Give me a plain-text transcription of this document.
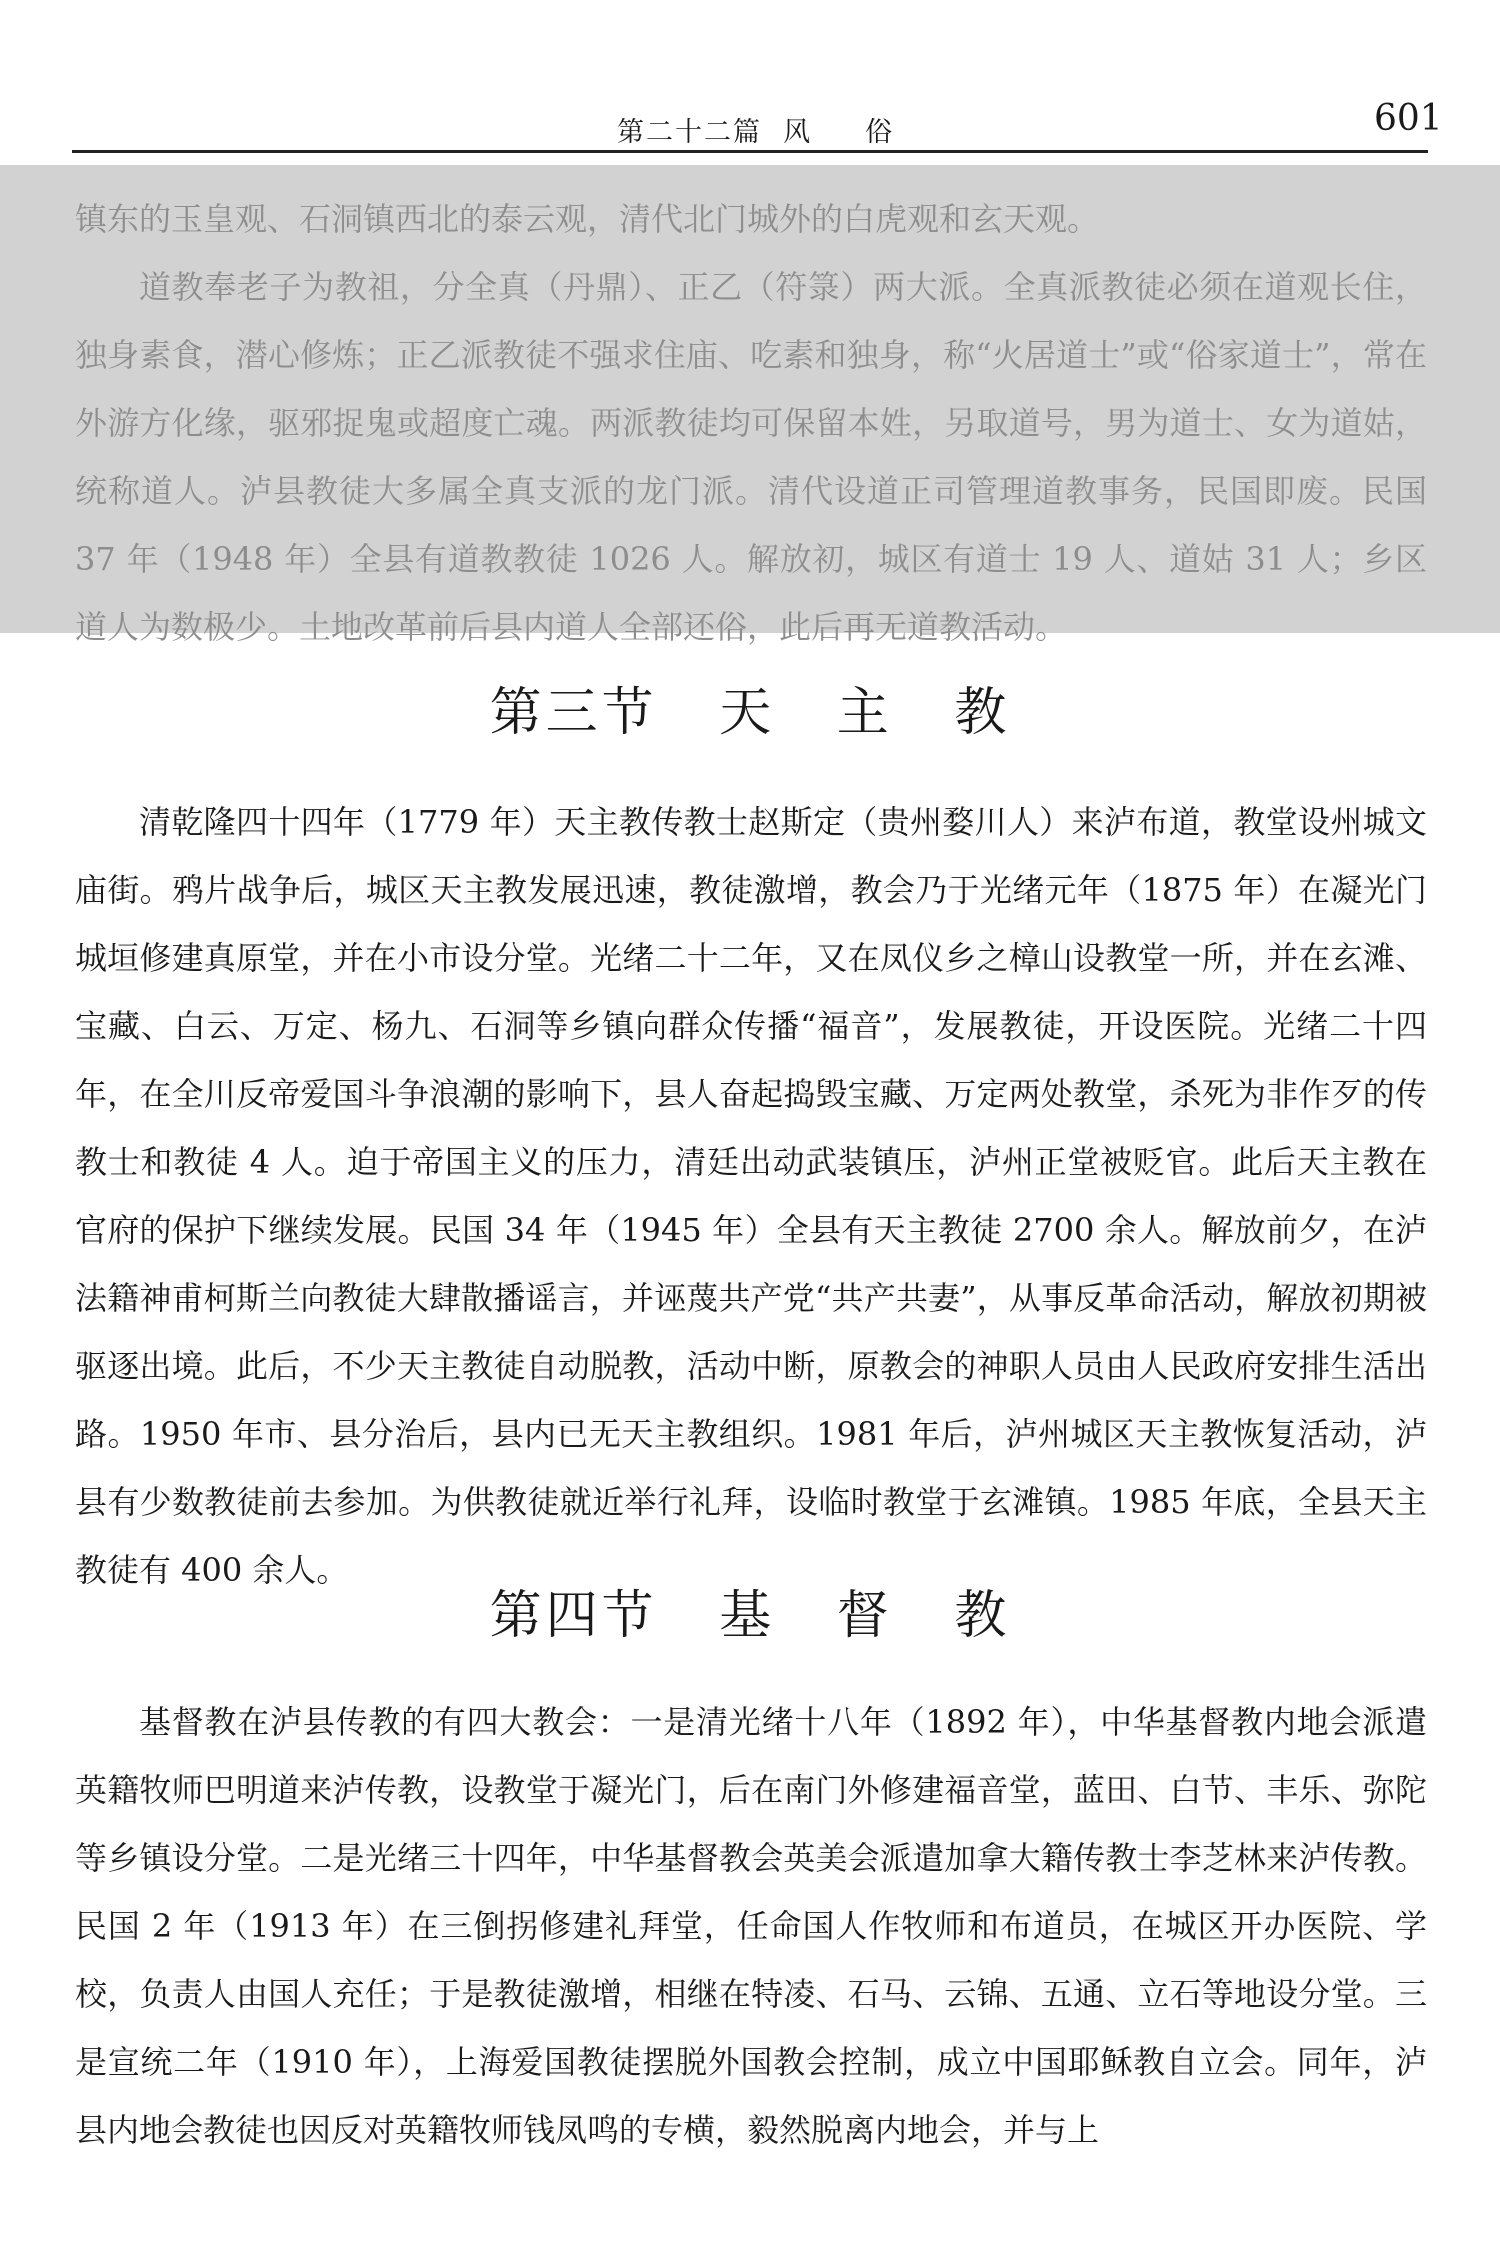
第二十二篇  风     俗	601

镇东的玉皇观、石洞镇西北的泰云观，清代北门城外的白虎观和玄天观。

道教奉老子为教祖，分全真（丹鼎）、正乙（符箓）两大派。全真派教徒必须在道观长住，独身素食，潜心修炼；正乙派教徒不强求住庙、吃素和独身，称“火居道士”或“俗家道士”，常在外游方化缘，驱邪捉鬼或超度亡魂。两派教徒均可保留本姓，另取道号，男为道士、女为道姑，统称道人。泸县教徒大多属全真支派的龙门派。清代设道正司管理道教事务，民国即废。民国 37 年（1948 年）全县有道教教徒 1026 人。解放初，城区有道士 19 人、道姑 31 人；乡区道人为数极少。土地改革前后县内道人全部还俗，此后再无道教活动。

第三节   天   主   教

清乾隆四十四年（1779 年）天主教传教士赵斯定（贵州婺川人）来泸布道，教堂设州城文庙街。鸦片战争后，城区天主教发展迅速，教徒激增，教会乃于光绪元年（1875 年）在凝光门城垣修建真原堂，并在小市设分堂。光绪二十二年，又在凤仪乡之樟山设教堂一所，并在玄滩、宝藏、白云、万定、杨九、石洞等乡镇向群众传播“福音”，发展教徒，开设医院。光绪二十四年，在全川反帝爱国斗争浪潮的影响下，县人奋起捣毁宝藏、万定两处教堂，杀死为非作歹的传教士和教徒 4 人。迫于帝国主义的压力，清廷出动武装镇压，泸州正堂被贬官。此后天主教在官府的保护下继续发展。民国 34 年（1945 年）全县有天主教徒 2700 余人。解放前夕，在泸法籍神甫柯斯兰向教徒大肆散播谣言，并诬蔑共产党“共产共妻”，从事反革命活动，解放初期被驱逐出境。此后，不少天主教徒自动脱教，活动中断，原教会的神职人员由人民政府安排生活出路。1950 年市、县分治后，县内已无天主教组织。1981 年后，泸州城区天主教恢复活动，泸县有少数教徒前去参加。为供教徒就近举行礼拜，设临时教堂于玄滩镇。1985 年底，全县天主教徒有 400 余人。

第四节   基   督   教

基督教在泸县传教的有四大教会：一是清光绪十八年（1892 年），中华基督教内地会派遣英籍牧师巴明道来泸传教，设教堂于凝光门，后在南门外修建福音堂，蓝田、白节、丰乐、弥陀等乡镇设分堂。二是光绪三十四年，中华基督教会英美会派遣加拿大籍传教士李芝林来泸传教。民国 2 年（1913 年）在三倒拐修建礼拜堂，任命国人作牧师和布道员，在城区开办医院、学校，负责人由国人充任；于是教徒激增，相继在特凌、石马、云锦、五通、立石等地设分堂。三是宣统二年（1910 年），上海爱国教徒摆脱外国教会控制，成立中国耶稣教自立会。同年，泸县内地会教徒也因反对英籍牧师钱凤鸣的专横，毅然脱离内地会，并与上
